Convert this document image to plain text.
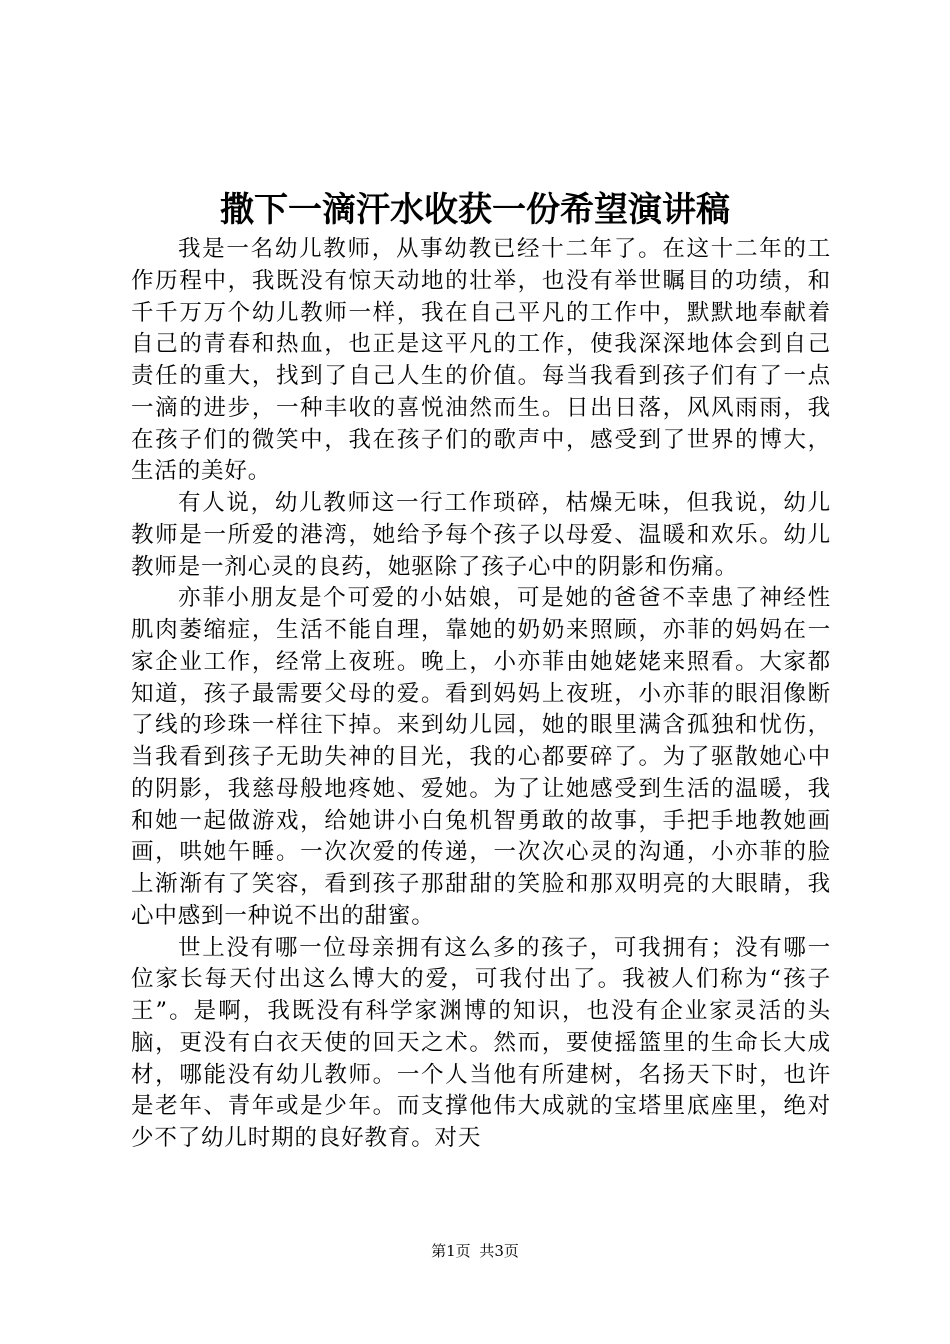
撒下一滴汗水收获一份希望演讲稿

我是一名幼儿教师，从事幼教已经十二年了。在这十二年的工作历程中，我既没有惊天动地的壮举，也没有举世瞩目的功绩，和千千万万个幼儿教师一样，我在自己平凡的工作中，默默地奉献着自己的青春和热血，也正是这平凡的工作，使我深深地体会到自己责任的重大，找到了自己人生的价值。每当我看到孩子们有了一点一滴的进步，一种丰收的喜悦油然而生。日出日落，风风雨雨，我在孩子们的微笑中，我在孩子们的歌声中，感受到了世界的博大，生活的美好。

有人说，幼儿教师这一行工作琐碎，枯燥无味，但我说，幼儿教师是一所爱的港湾，她给予每个孩子以母爱、温暖和欢乐。幼儿教师是一剂心灵的良药，她驱除了孩子心中的阴影和伤痛。

亦菲小朋友是个可爱的小姑娘，可是她的爸爸不幸患了神经性肌肉萎缩症，生活不能自理，靠她的奶奶来照顾，亦菲的妈妈在一家企业工作，经常上夜班。晚上，小亦菲由她姥姥来照看。大家都知道，孩子最需要父母的爱。看到妈妈上夜班，小亦菲的眼泪像断了线的珍珠一样往下掉。来到幼儿园，她的眼里满含孤独和忧伤，当我看到孩子无助失神的目光，我的心都要碎了。为了驱散她心中的阴影，我慈母般地疼她、爱她。为了让她感受到生活的温暖，我和她一起做游戏，给她讲小白兔机智勇敢的故事，手把手地教她画画，哄她午睡。一次次爱的传递，一次次心灵的沟通，小亦菲的脸上渐渐有了笑容，看到孩子那甜甜的笑脸和那双明亮的大眼睛，我心中感到一种说不出的甜蜜。

世上没有哪一位母亲拥有这么多的孩子，可我拥有；没有哪一位家长每天付出这么博大的爱，可我付出了。我被人们称为“孩子王”。是啊，我既没有科学家渊博的知识，也没有企业家灵活的头脑，更没有白衣天使的回天之术。然而，要使摇篮里的生命长大成材，哪能没有幼儿教师。一个人当他有所建树，名扬天下时，也许是老年、青年或是少年。而支撑他伟大成就的宝塔里底座里，绝对少不了幼儿时期的良好教育。对天

第1页 共3页
